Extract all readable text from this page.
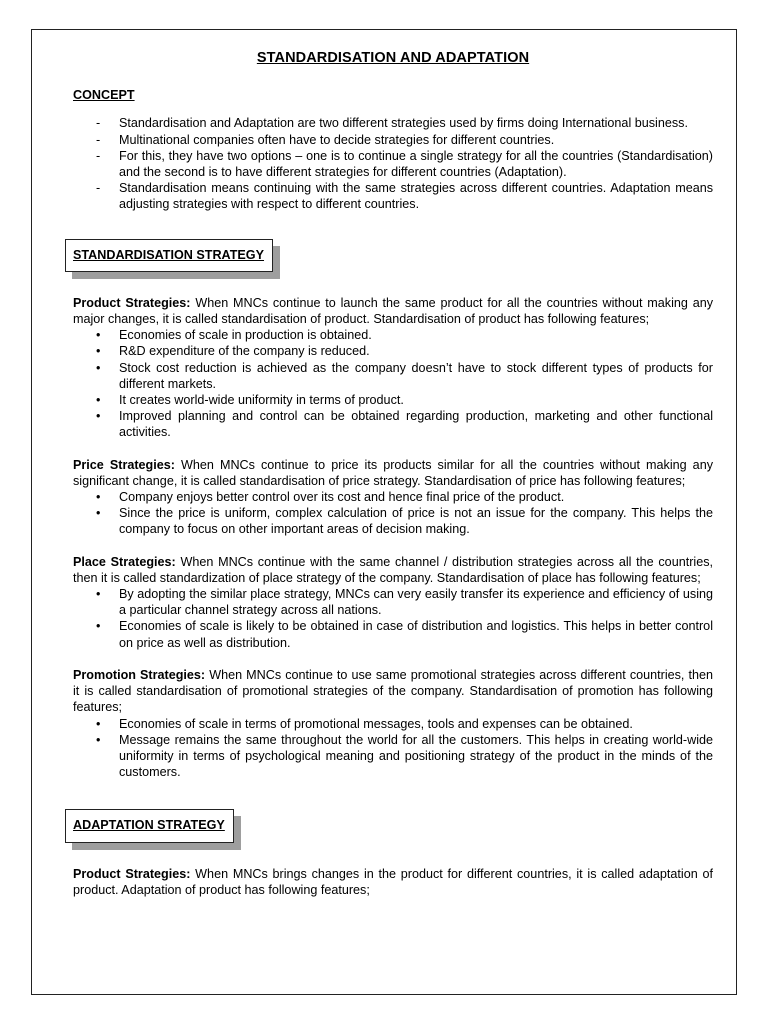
STANDARDISATION AND ADAPTATION
CONCEPT
- Standardisation and Adaptation are two different strategies used by firms doing International business.
- Multinational companies often have to decide strategies for different countries.
- For this, they have two options – one is to continue a single strategy for all the countries (Standardisation) and the second is to have different strategies for different countries (Adaptation).
- Standardisation means continuing with the same strategies across different countries. Adaptation means adjusting strategies with respect to different countries.
STANDARDISATION STRATEGY

Product Strategies: When MNCs continue to launch the same product for all the countries without making any major changes, it is called standardisation of product. Standardisation of product has following features;

• Economies of scale in production is obtained.
• R&D expenditure of the company is reduced.
• Stock cost reduction is achieved as the company doesn’t have to stock different types of products for different markets.
• It creates world-wide uniformity in terms of product.
• Improved planning and control can be obtained regarding production, marketing and other functional activities.

Price Strategies: When MNCs continue to price its products similar for all the countries without making any significant change, it is called standardisation of price strategy. Standardisation of price has following features;

• Company enjoys better control over its cost and hence final price of the product.
• Since the price is uniform, complex calculation of price is not an issue for the company. This helps the company to focus on other important areas of decision making.

Place Strategies: When MNCs continue with the same channel / distribution strategies across all the countries, then it is called standardization of place strategy of the company. Standardisation of place has following features;

• By adopting the similar place strategy, MNCs can very easily transfer its experience and efficiency of using a particular channel strategy across all nations.
• Economies of scale is likely to be obtained in case of distribution and logistics. This helps in better control on price as well as distribution.

Promotion Strategies: When MNCs continue to use same promotional strategies across different countries, then it is called standardisation of promotional strategies of the company. Standardisation of promotion has following features;

• Economies of scale in terms of promotional messages, tools and expenses can be obtained.
• Message remains the same throughout the world for all the customers. This helps in creating world-wide uniformity in terms of psychological meaning and positioning strategy of the product in the minds of the customers.
ADAPTATION STRATEGY

Product Strategies: When MNCs brings changes in the product for different countries, it is called adaptation of product. Adaptation of product has following features;
